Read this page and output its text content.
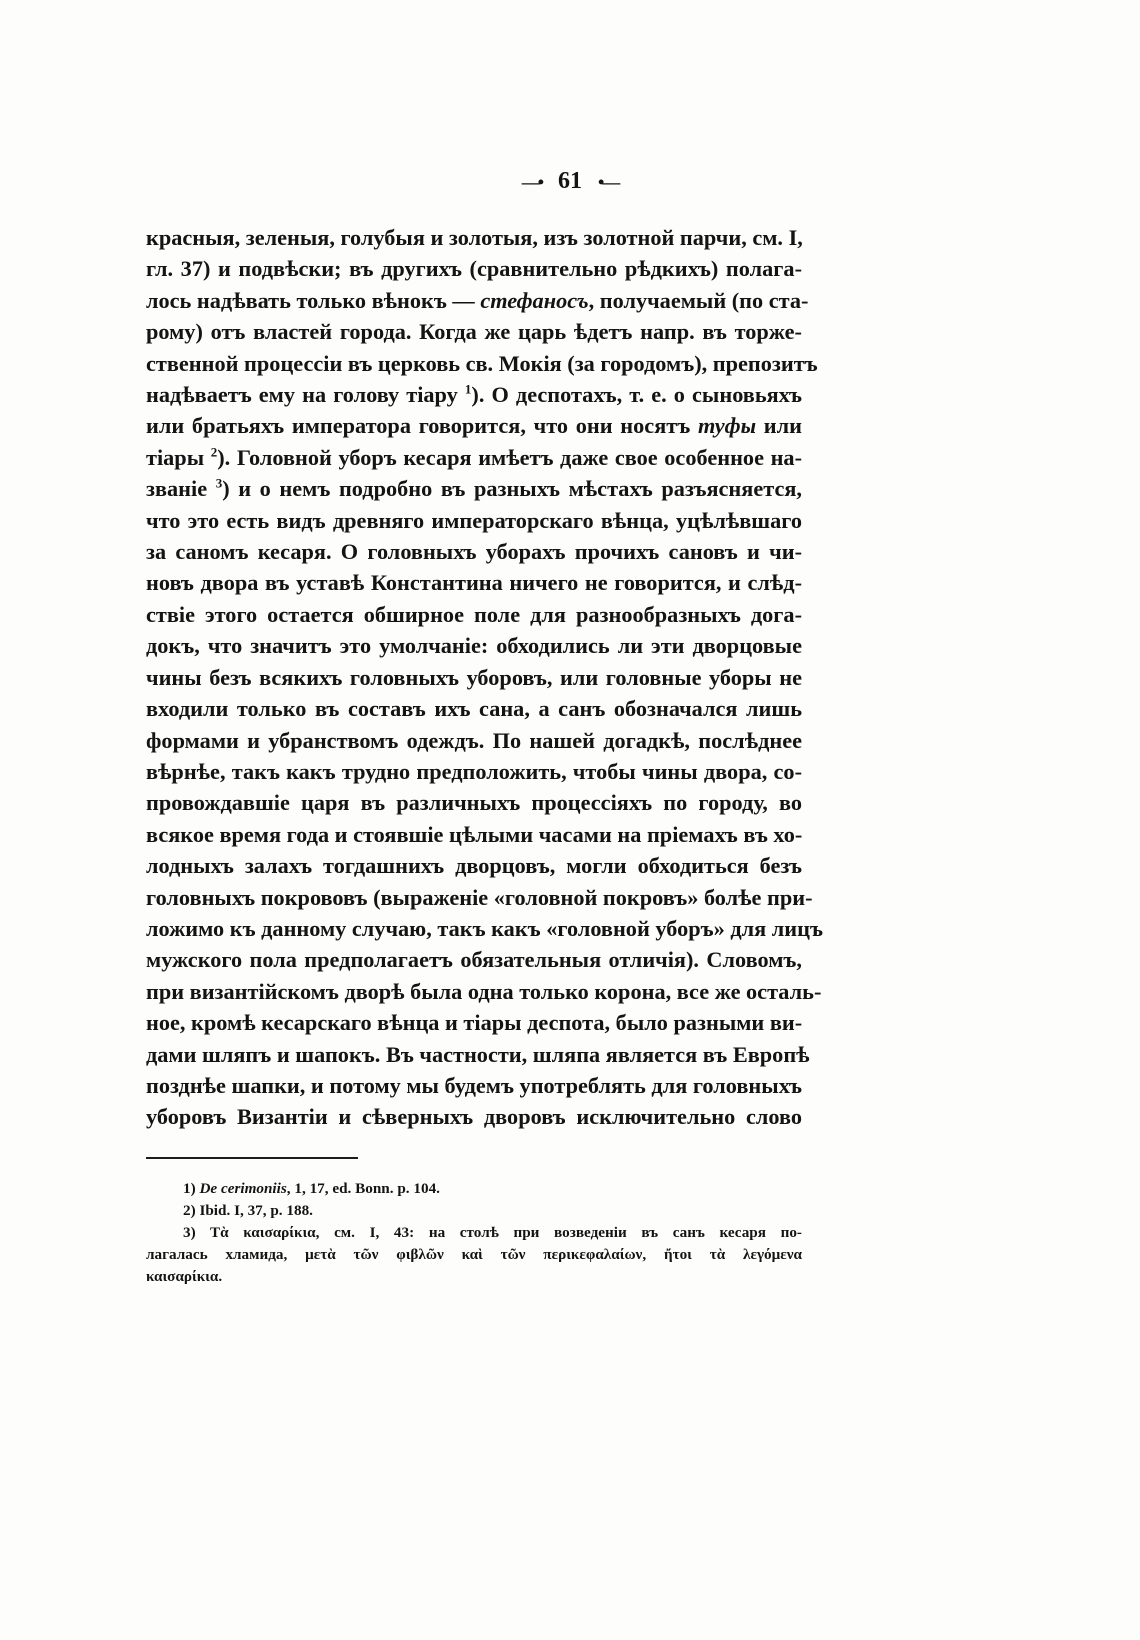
—• 61 •—
красныя, зеленыя, голубыя и золотыя, изъ золотной парчи, см. I,
гл. 37) и подвѣски; въ другихъ (сравнительно рѣдкихъ) полага-
лось надѣвать только вѣнокъ — стефаносъ, получаемый (по ста-
рому) отъ властей города. Когда же царь ѣдетъ напр. въ торже-
ственной процессіи въ церковь св. Мокія (за городомъ), препозитъ
надѣваетъ ему на голову тіару $^1$). О деспотахъ, т. е. о сыновьяхъ
или братьяхъ императора говорится, что они носятъ туфы или
тіары $^2$). Головной уборъ кесаря имѣетъ даже свое особенное на-
званіе $^3$) и о немъ подробно въ разныхъ мѣстахъ разъясняется,
что это есть видъ древняго императорскаго вѣнца, уцѣлѣвшаго
за саномъ кесаря. О головныхъ уборахъ прочихъ сановъ и чи-
новъ двора въ уставѣ Константина ничего не говорится, и слѣд-
ствіе этого остается обширное поле для разнообразныхъ дога-
докъ, что значитъ это умолчаніе: обходились ли эти дворцовые
чины безъ всякихъ головныхъ уборовъ, или головные уборы не
входили только въ составъ ихъ сана, а санъ обозначался лишь
формами и убранствомъ одеждъ. По нашей догадкѣ, послѣднее
вѣрнѣе, такъ какъ трудно предположить, чтобы чины двора, со-
провождавшіе царя въ различныхъ процессіяхъ по городу, во
всякое время года и стоявшіе цѣлыми часами на пріемахъ въ хо-
лодныхъ залахъ тогдашнихъ дворцовъ, могли обходиться безъ
головныхъ покрововъ (выраженіе «головной покровъ» болѣе при-
ложимо къ данному случаю, такъ какъ «головной уборъ» для лицъ
мужского пола предполагаетъ обязательныя отличія). Словомъ,
при византійскомъ дворѣ была одна только корона, все же осталь-
ное, кромѣ кесарскаго вѣнца и тіары деспота, было разными ви-
дами шляпъ и шапокъ. Въ частности, шляпа является въ Европѣ
позднѣе шапки, и потому мы будемъ употреблять для головныхъ
уборовъ Византіи и сѣверныхъ дворовъ исключительно слово
1) De cerimoniis, 1, 17, ed. Bonn. p. 104.
2) Ibid. I, 37, p. 188.
3) Τὰ καισαρίκια, см. I, 43: на столѣ при возведеніи въ санъ кесаря по-
лагалась хламида, μετὰ τῶν φιβλῶν καὶ τῶν περικεφαλαίων, ἤτοι τὰ λεγόμενα
καισαρίκια.
